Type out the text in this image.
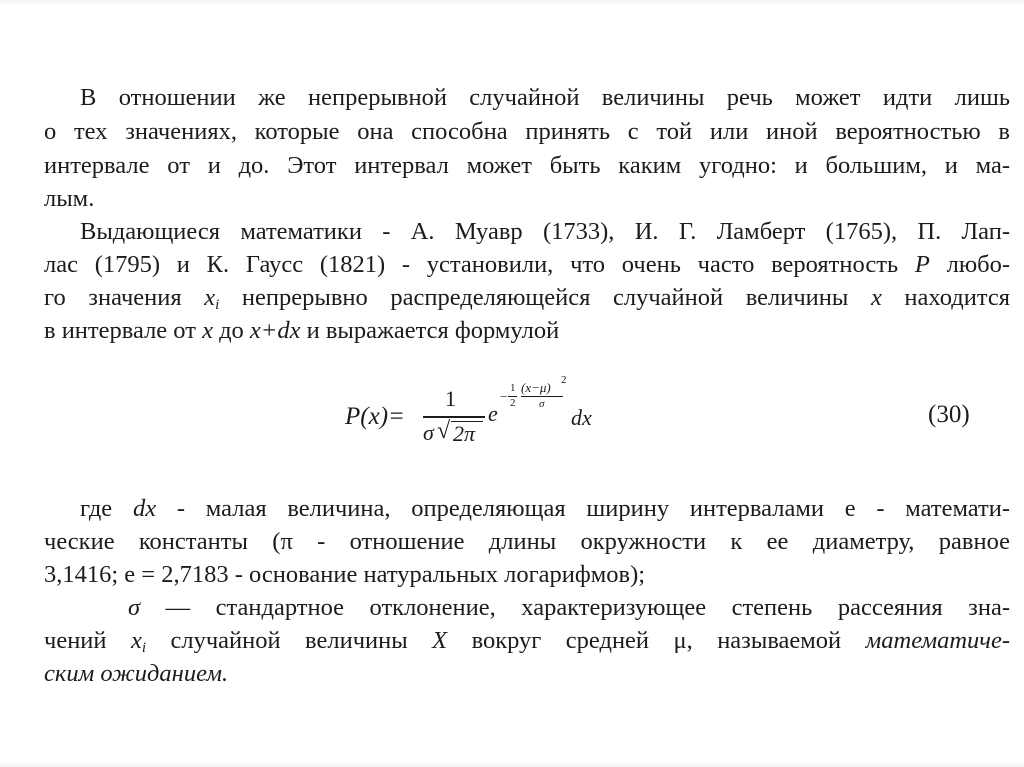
В отношении же непрерывной случайной величины речь может идти лишь
о тех значениях, которые она способна принять с той или иной вероятностью в
интервале от и до. Этот интервал может быть каким угодно: и большим, и ма-
лым.
Выдающиеся математики - А. Муавр (1733), И. Г. Ламберт (1765), П. Лап-
лас (1795) и К. Гаусс (1821) - установили, что очень часто вероятность P любо-
го значения $x_i$ непрерывно распределяющейся случайной величины x находится
в интервале от x до x+dx и выражается формулой
P(x)=
1
σ √ 2π
e
−
1
2
(x−μ) 2
σ
dx	(30)
где dx - малая величина, определяющая ширину интервалами е - математи-
ческие константы (π - отношение длины окружности к ее диаметру, равное
3,1416; е = 2,7183 - основание натуральных логарифмов);
σ — стандартное отклонение, характеризующее степень рассеяния зна-
чений $x_i$ случайной величины X вокруг средней μ, называемой математиче-
ским ожиданием.
